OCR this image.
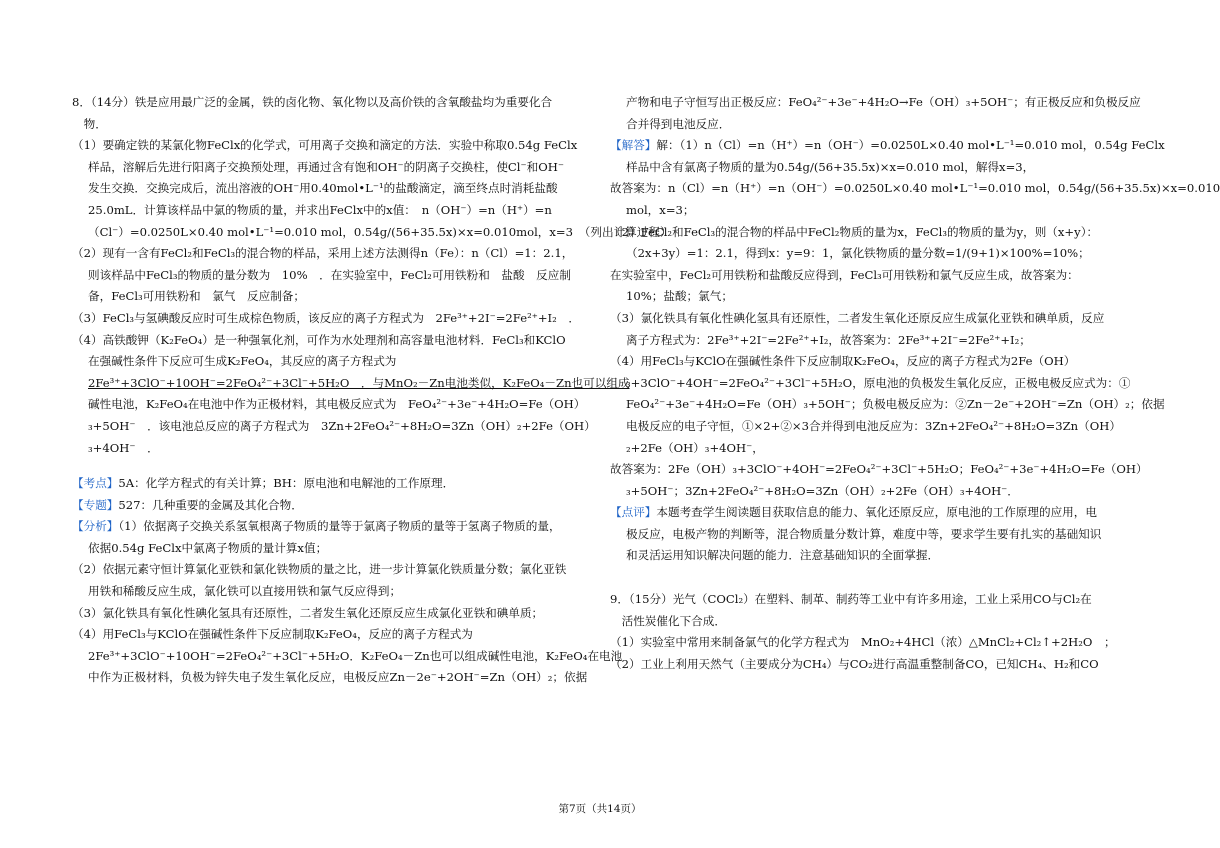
8．（14分）铁是应用最广泛的金属，铁的卤化物、氧化物以及高价铁的含氧酸盐均为重要化合
　物．
（1）要确定铁的某氯化物FeClx的化学式，可用离子交换和滴定的方法．实验中称取0.54g FeClx
样品，溶解后先进行阳离子交换预处理，再通过含有饱和OH⁻的阴离子交换柱，使Cl⁻和OH⁻
发生交换．交换完成后，流出溶液的OH⁻用0.40mol•L⁻¹的盐酸滴定，滴至终点时消耗盐酸
25.0mL．计算该样品中氯的物质的量，并求出FeClx中的x值：　n（OH⁻）=n（H⁺）=n
（Cl⁻）=0.0250L×0.40 mol•L⁻¹=0.010 mol，0.54g/(56+35.5x)×x=0.010mol，x=3　（列出计算过程）
（2）现有一含有FeCl₂和FeCl₃的混合物的样品，采用上述方法测得n（Fe）：n（Cl）=1：2.1，
则该样品中FeCl₃的物质的量分数为　10%　．在实验室中，FeCl₂可用铁粉和　盐酸　反应制
备，FeCl₃可用铁粉和　氯气　反应制备；
（3）FeCl₃与氢碘酸反应时可生成棕色物质，该反应的离子方程式为　2Fe³⁺+2I⁻=2Fe²⁺+I₂　．
（4）高铁酸钾（K₂FeO₄）是一种强氧化剂，可作为水处理剂和高容量电池材料．FeCl₃和KClO
在强碱性条件下反应可生成K₂FeO₄，其反应的离子方程式为
2Fe³⁺+3ClO⁻+10OH⁻=2FeO₄²⁻+3Cl⁻+5H₂O　．与MnO₂－Zn电池类似，K₂FeO₄－Zn也可以组成
碱性电池，K₂FeO₄在电池中作为正极材料，其电极反应式为　FeO₄²⁻+3e⁻+4H₂O=Fe（OH）
₃+5OH⁻　．该电池总反应的离子方程式为　3Zn+2FeO₄²⁻+8H₂O=3Zn（OH）₂+2Fe（OH）
₃+4OH⁻　．
【考点】5A：化学方程式的有关计算；BH：原电池和电解池的工作原理．
【专题】527：几种重要的金属及其化合物．
【分析】（1）依据离子交换关系氢氧根离子物质的量等于氯离子物质的量等于氢离子物质的量，
依据0.54g FeClx中氯离子物质的量计算x值；
（2）依据元素守恒计算氯化亚铁和氯化铁物质的量之比，进一步计算氯化铁质量分数；氯化亚铁
用铁和稀酸反应生成，氯化铁可以直接用铁和氯气反应得到；
（3）氯化铁具有氧化性碘化氢具有还原性，二者发生氧化还原反应生成氯化亚铁和碘单质；
（4）用FeCl₃与KClO在强碱性条件下反应制取K₂FeO₄，反应的离子方程式为
2Fe³⁺+3ClO⁻+10OH⁻=2FeO₄²⁻+3Cl⁻+5H₂O．K₂FeO₄－Zn也可以组成碱性电池，K₂FeO₄在电池
中作为正极材料，负极为锌失电子发生氧化反应，电极反应Zn－2e⁻+2OH⁻=Zn（OH）₂；依据
产物和电子守恒写出正极反应：FeO₄²⁻+3e⁻+4H₂O→Fe（OH）₃+5OH⁻；有正极反应和负极反应
合并得到电池反应．
【解答】解：（1）n（Cl）=n（H⁺）=n（OH⁻）=0.0250L×0.40 mol•L⁻¹=0.010 mol，0.54g FeClx
样品中含有氯离子物质的量为0.54g/(56+35.5x)×x=0.010 mol，解得x=3，
故答案为：n（Cl）=n（H⁺）=n（OH⁻）=0.0250L×0.40 mol•L⁻¹=0.010 mol，0.54g/(56+35.5x)×x=0.010
mol，x=3；
（2）FeCl₂和FeCl₃的混合物的样品中FeCl₂物质的量为x，FeCl₃的物质的量为y，则（x+y）：
（2x+3y）=1：2.1，得到x：y=9：1，氯化铁物质的量分数=1/(9+1)×100%=10%；
在实验室中，FeCl₂可用铁粉和盐酸反应得到，FeCl₃可用铁粉和氯气反应生成，故答案为：
10%；盐酸；氯气；
（3）氯化铁具有氧化性碘化氢具有还原性，二者发生氧化还原反应生成氯化亚铁和碘单质，反应
离子方程式为：2Fe³⁺+2I⁻=2Fe²⁺+I₂，故答案为：2Fe³⁺+2I⁻=2Fe²⁺+I₂；
（4）用FeCl₃与KClO在强碱性条件下反应制取K₂FeO₄，反应的离子方程式为2Fe（OH）
₃+3ClO⁻+4OH⁻=2FeO₄²⁻+3Cl⁻+5H₂O，原电池的负极发生氧化反应，正极电极反应式为：①
FeO₄²⁻+3e⁻+4H₂O=Fe（OH）₃+5OH⁻；负极电极反应为：②Zn－2e⁻+2OH⁻=Zn（OH）₂；依据
电极反应的电子守恒，①×2+②×3合并得到电池反应为：3Zn+2FeO₄²⁻+8H₂O=3Zn（OH）
₂+2Fe（OH）₃+4OH⁻，
故答案为：2Fe（OH）₃+3ClO⁻+4OH⁻=2FeO₄²⁻+3Cl⁻+5H₂O；FeO₄²⁻+3e⁻+4H₂O=Fe（OH）
₃+5OH⁻；3Zn+2FeO₄²⁻+8H₂O=3Zn（OH）₂+2Fe（OH）₃+4OH⁻．
【点评】本题考查学生阅读题目获取信息的能力、氧化还原反应，原电池的工作原理的应用，电
极反应，电极产物的判断等，混合物质量分数计算，难度中等，要求学生要有扎实的基础知识
和灵活运用知识解决问题的能力．注意基础知识的全面掌握．
9．（15分）光气（COCl₂）在塑料、制革、制药等工业中有许多用途，工业上采用CO与Cl₂在
　活性炭催化下合成．
（1）实验室中常用来制备氯气的化学方程式为　MnO₂+4HCl（浓）△MnCl₂+Cl₂↑+2H₂O　；
（2）工业上利用天然气（主要成分为CH₄）与CO₂进行高温重整制备CO，已知CH₄、H₂和CO
第7页（共14页）
